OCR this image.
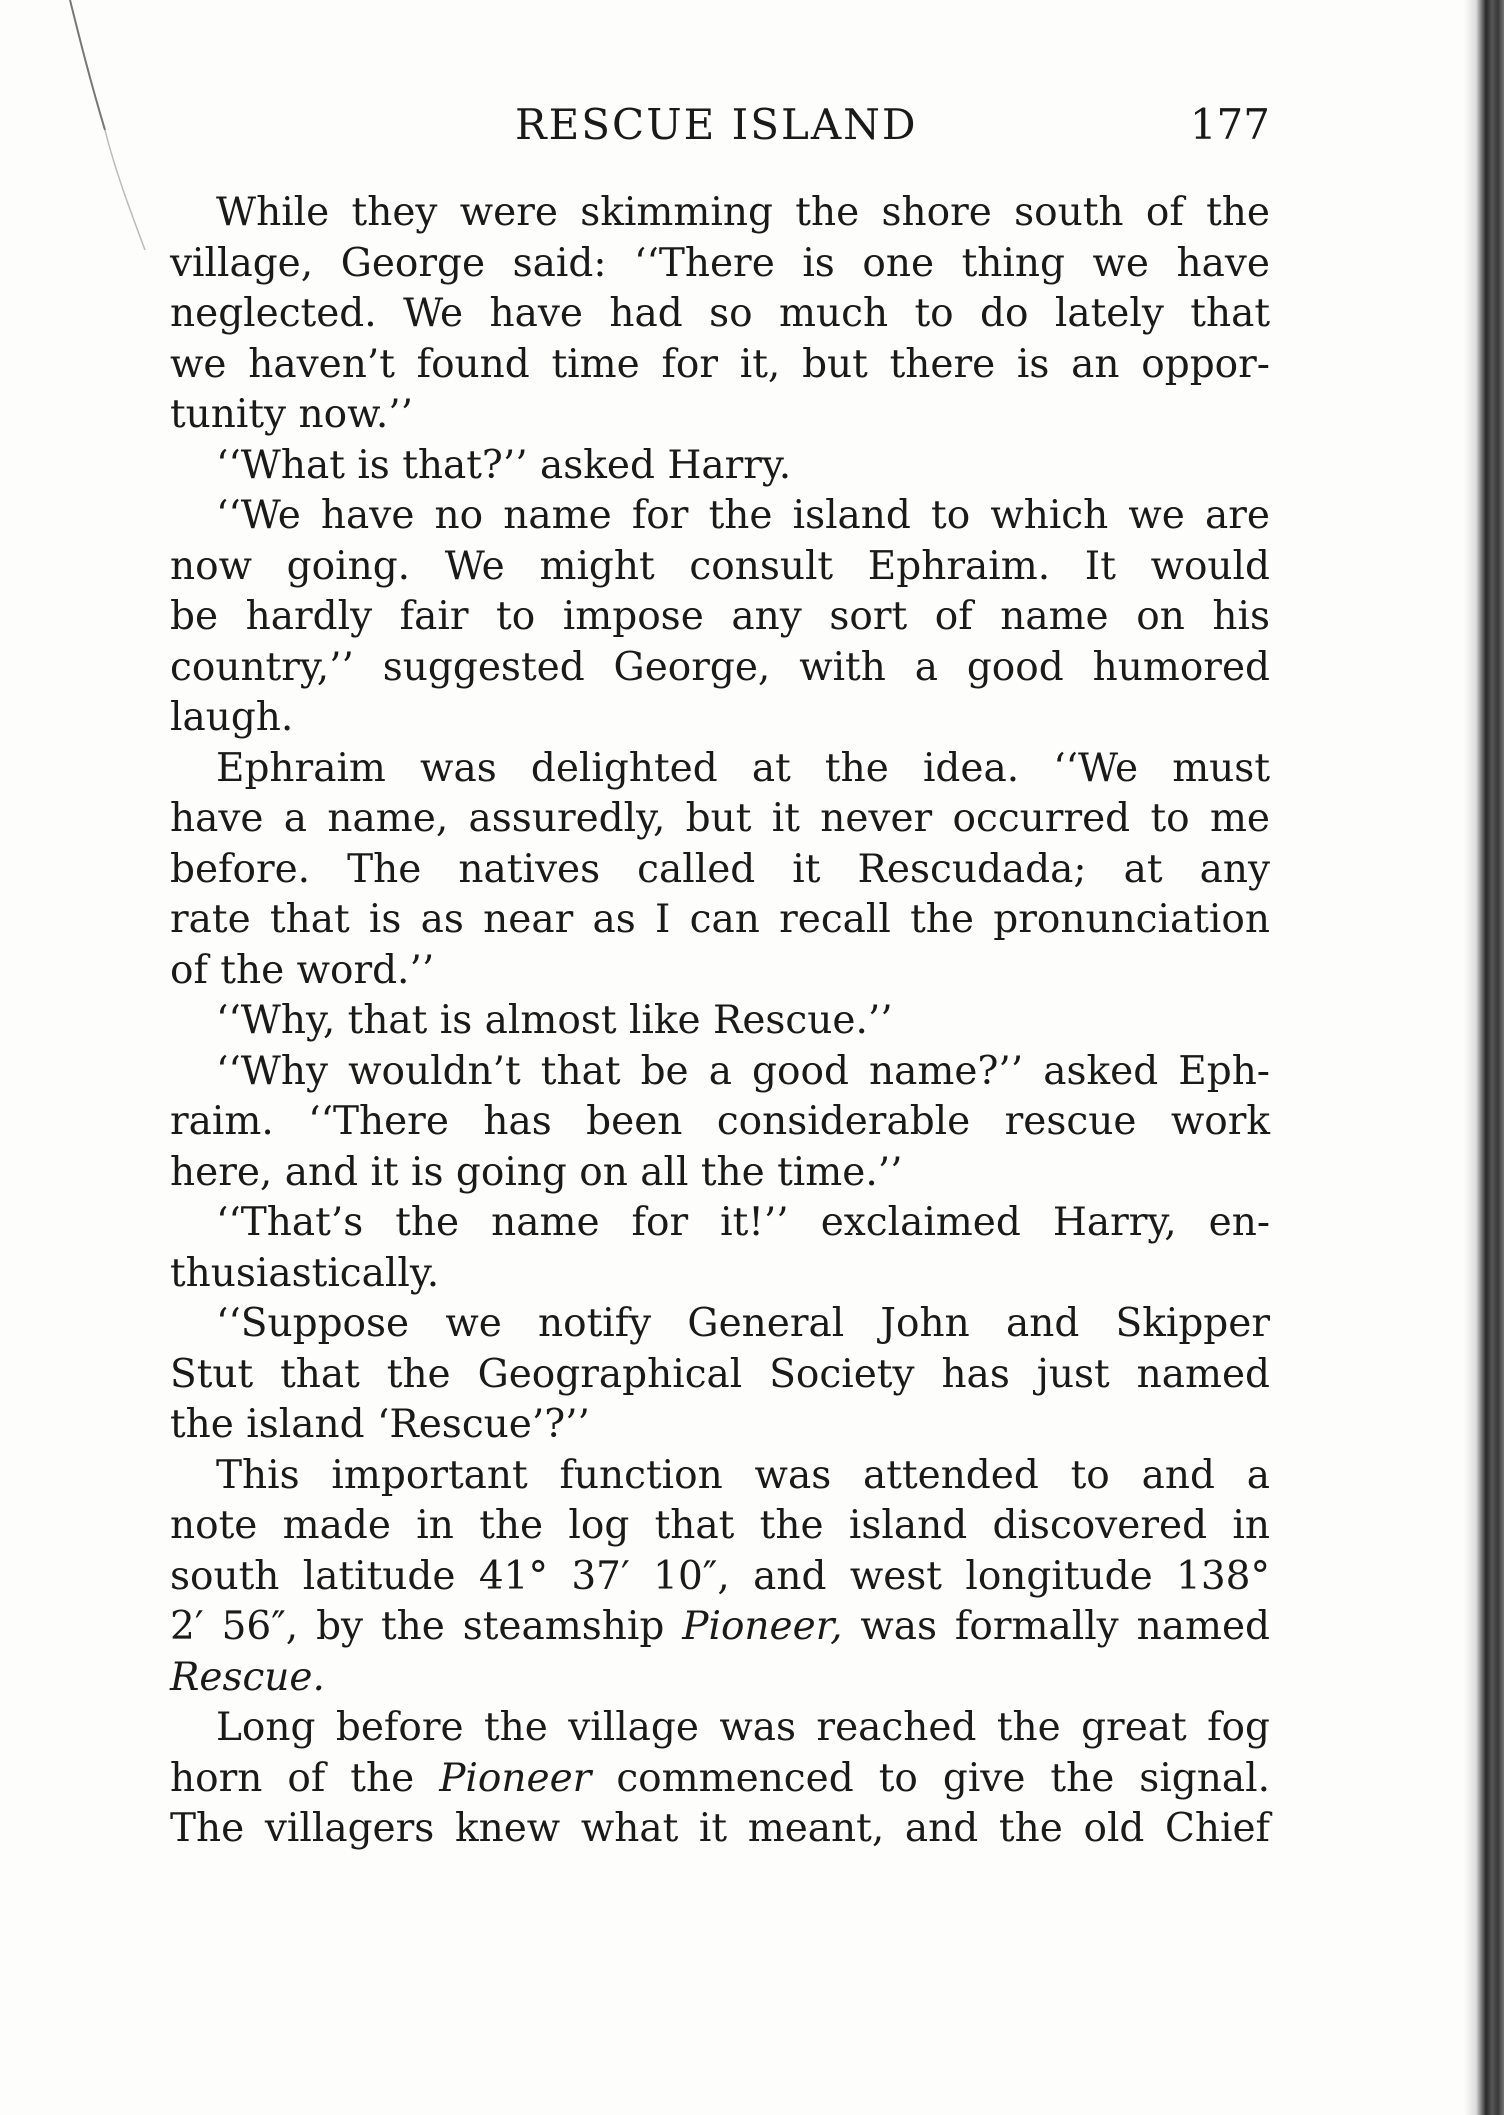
RESCUE ISLAND	177
While they were skimming the shore south of the
village, George said: ‘‘There is one thing we have
neglected. We have had so much to do lately that
we haven’t found time for it, but there is an oppor-
tunity now.’’
‘‘What is that?’’ asked Harry.
‘‘We have no name for the island to which we are
now going. We might consult Ephraim. It would
be hardly fair to impose any sort of name on his
country,’’ suggested George, with a good humored
laugh.
Ephraim was delighted at the idea. ‘‘We must
have a name, assuredly, but it never occurred to me
before. The natives called it Rescudada; at any
rate that is as near as I can recall the pronunciation
of the word.’’
‘‘Why, that is almost like Rescue.’’
‘‘Why wouldn’t that be a good name?’’ asked Eph-
raim. ‘‘There has been considerable rescue work
here, and it is going on all the time.’’
‘‘That’s the name for it!’’ exclaimed Harry, en-
thusiastically.
‘‘Suppose we notify General John and Skipper
Stut that the Geographical Society has just named
the island ‘Rescue’?’’
This important function was attended to and a
note made in the log that the island discovered in
south latitude 41° 37′ 10″, and west longitude 138°
2′ 56″, by the steamship Pioneer, was formally named
Rescue.
Long before the village was reached the great fog
horn of the Pioneer commenced to give the signal.
The villagers knew what it meant, and the old Chief
